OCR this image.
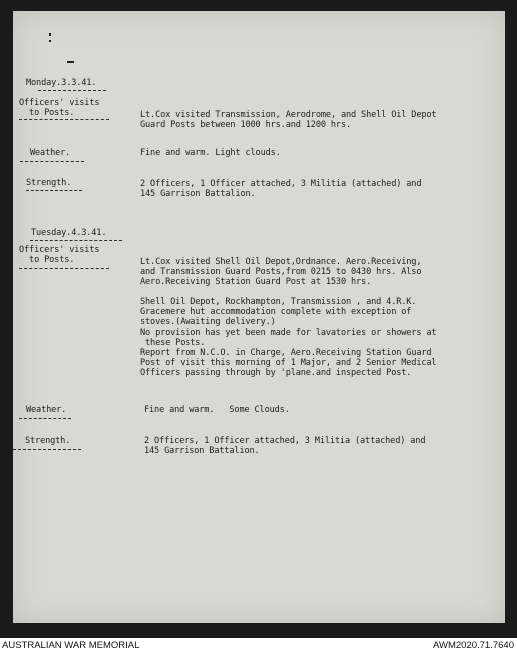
Monday.3.3.41.
Officers' visits
to Posts.	Lt.Cox visited Transmission, Aerodrome, and Shell Oil Depot
Guard Posts between 1000 hrs.and 1200 hrs.
Weather.	Fine and warm. Light clouds.
Strength.	2 Officers, 1 Officer attached, 3 Militia (attached) and
145 Garrison Battalion.
Tuesday.4.3.41.
Officers' visits
to Posts.	Lt.Cox visited Shell Oil Depot,Ordnance. Aero.Receiving,
and Transmission Guard Posts,from 0215 to 0430 hrs. Also
Aero.Receiving Station Guard Post at 1530 hrs.
Shell Oil Depot, Rockhampton, Transmission , and 4.R.K.
Gracemere hut accommodation complete with exception of
stoves.(Awaiting delivery.)
No provision has yet been made for lavatories or showers at
these Posts.
Report from N.C.O. in Charge, Aero.Receiving Station Guard
Post of visit this morning of 1 Major, and 2 Senior Medical
Officers passing through by 'plane.and inspected Post.
Weather.	Fine and warm.   Some Clouds.
Strength.	2 Officers, 1 Officer attached, 3 Militia (attached) and
145 Garrison Battalion.
AUSTRALIAN WAR MEMORIAL	AWM2020.71.7640
